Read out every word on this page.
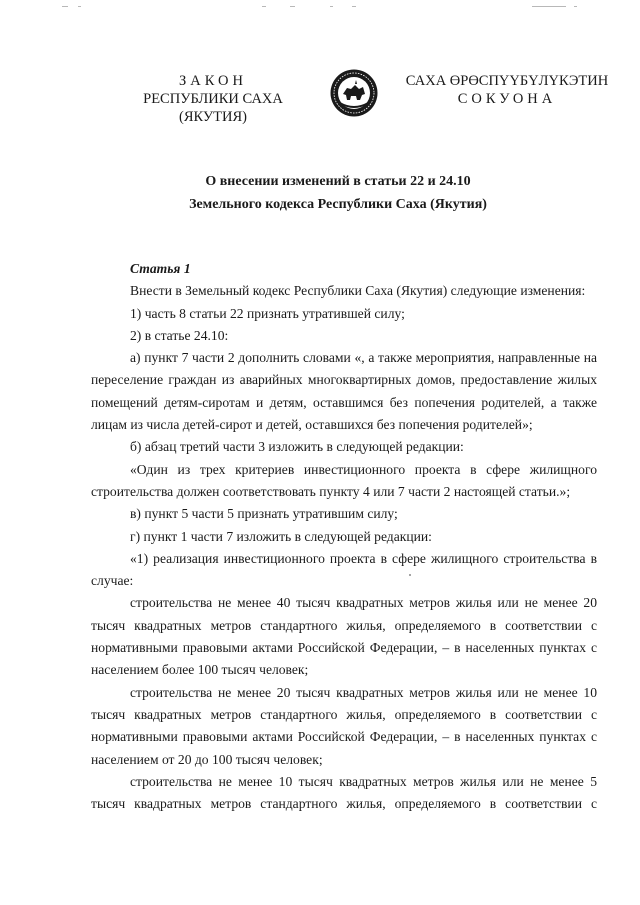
ЗАКОН
РЕСПУБЛИКИ САХА (ЯКУТИЯ)
САХА ӨРӨСПҮҮБҮЛҮКЭТИН
СОКУОНА
О внесении изменений в статьи 22 и 24.10
Земельного кодекса Республики Саха (Якутия)

Статья 1

Внести в Земельный кодекс Республики Саха (Якутия) следующие изменения:

1) часть 8 статьи 22 признать утратившей силу;

2) в статье 24.10:

а) пункт 7 части 2 дополнить словами «, а также мероприятия, направленные на переселение граждан из аварийных многоквартирных домов, предоставление жилых помещений детям-сиротам и детям, оставшимся без попечения родителей, а также лицам из числа детей-сирот и детей, оставшихся без попечения родителей»;

б) абзац третий части 3 изложить в следующей редакции:

«Один из трех критериев инвестиционного проекта в сфере жилищного строительства должен соответствовать пункту 4 или 7 части 2 настоящей статьи.»;

в) пункт 5 части 5 признать утратившим силу;

г) пункт 1 части 7 изложить в следующей редакции:

«1) реализация инвестиционного проекта в сфере жилищного строительства в случае:

строительства не менее 40 тысяч квадратных метров жилья или не менее 20 тысяч квадратных метров стандартного жилья, определяемого в соответствии с нормативными правовыми актами Российской Федерации, – в населенных пунктах с населением более 100 тысяч человек;

строительства не менее 20 тысяч квадратных метров жилья или не менее 10 тысяч квадратных метров стандартного жилья, определяемого в соответствии с нормативными правовыми актами Российской Федерации, – в населенных пунктах с населением от 20 до 100 тысяч человек;

строительства не менее 10 тысяч квадратных метров жилья или не менее 5 тысяч квадратных метров стандартного жилья, определяемого в соответствии с
